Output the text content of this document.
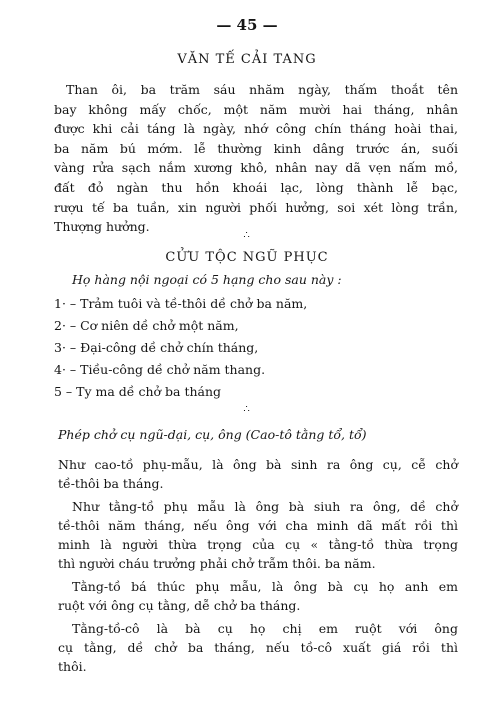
— 45 —
VĂN TẾ CẢI TANG
Than ôi, ba trăm sáu nhăm ngày, thấm thoắt tên
bay không mấy chốc, một năm mười hai tháng, nhân
được khi cải táng là ngày, nhớ công chín tháng hoài thai,
ba năm bú mớm. lễ thường kinh dâng trước án, suối
vàng rửa sạch nắm xương khô, nhân nay dã vẹn nấm mồ,
đất đỏ ngàn thu hồn khoái lạc, lòng thành lễ bạc,
rượu tế ba tuần, xin người phối hưởng, soi xét lòng trần,
Thượng hưởng.
∴
CỬU TỘC NGŨ PHỤC
Họ hàng nội ngoại có 5 hạng cho sau này :
1· – Trảm tuôi và tề-thôi dề chở ba năm,
2· – Cơ niên dề chở một năm,
3· – Đại-công dề chở chín tháng,
4· – Tiều-công dề chở năm thang.
5 – Ty ma dề chở ba tháng
∴
Phép chở cụ ngũ-dại, cụ, ông (Cao-tô tằng tổ, tổ)
Như cao-tồ phụ-mẫu, là ông bà sinh ra ông cụ, cễ chở
tề-thôi ba tháng.
Như tằng-tồ phụ mẫu là ông bà siuh ra ông, dề chở
tề-thôi năm tháng, nếu ông với cha minh dã mất rồi thì
minh là người thừa trọng của cụ « tằng-tồ thừa trọng
thì người cháu trưởng phải chở trẫm thôi. ba năm.
Tằng-tồ bá thúc phụ mẫu, là ông bà cụ họ anh em
ruột với ông cụ tằng, dễ chở ba tháng.
Tằng-tồ-cô là bà cụ họ chị em ruột với ông
cụ tằng, dề chở ba tháng, nếu tồ-cô xuất giá rồi thì
thôi.
